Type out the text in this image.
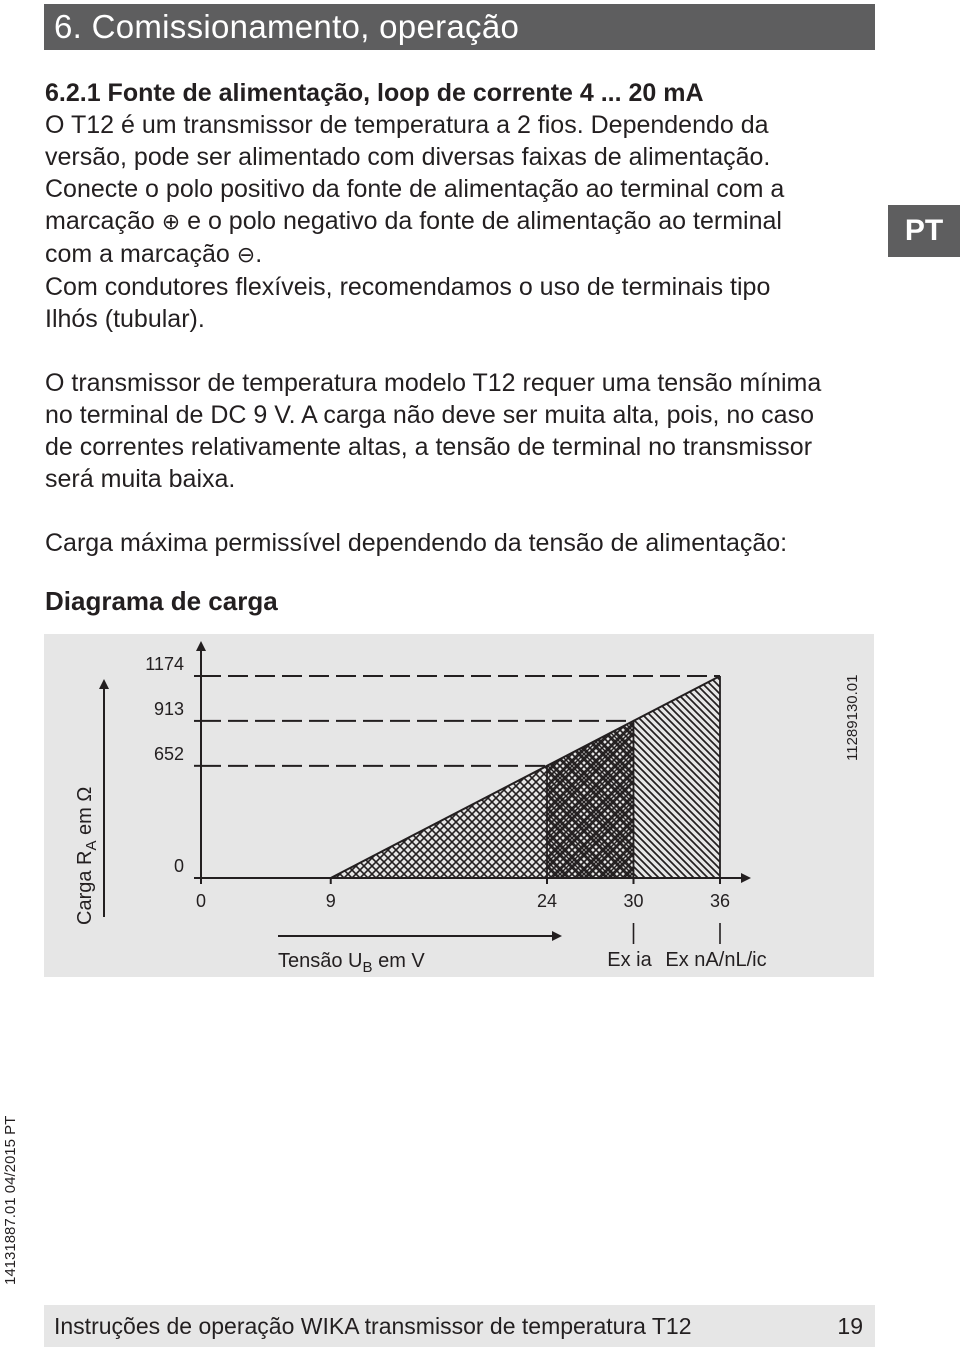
6. Comissionamento, operação
PT

6.2.1 Fonte de alimentação, loop de corrente 4 ... 20 mA

O T12 é um transmissor de temperatura a 2 fios. Dependendo da

versão, pode ser alimentado com diversas faixas de alimentação.

Conecte o polo positivo da fonte de alimentação ao terminal com a

marcação ⊕ e o polo negativo da fonte de alimentação ao terminal

com a marcação ⊖.

Com condutores flexíveis, recomendamos o uso de terminais tipo

Ilhós (tubular).

O transmissor de temperatura modelo T12 requer uma tensão mínima

no terminal de DC 9 V. A carga não deve ser muita alta, pois, no caso

de correntes relativamente altas, a tensão de terminal no transmissor

será muita baixa.

Carga máxima permissível dependendo da tensão de alimentação:

Diagrama de carga
1174
913
652
0
0	9	24	30	36
Ex ia Ex nA/nL/ic
Carga $R_A$ em Ω
Tensão $U_B$ em V
11289130.01
14131887.01 04/2015 PT
Instruções de operação WIKA transmissor de temperatura T12	19
